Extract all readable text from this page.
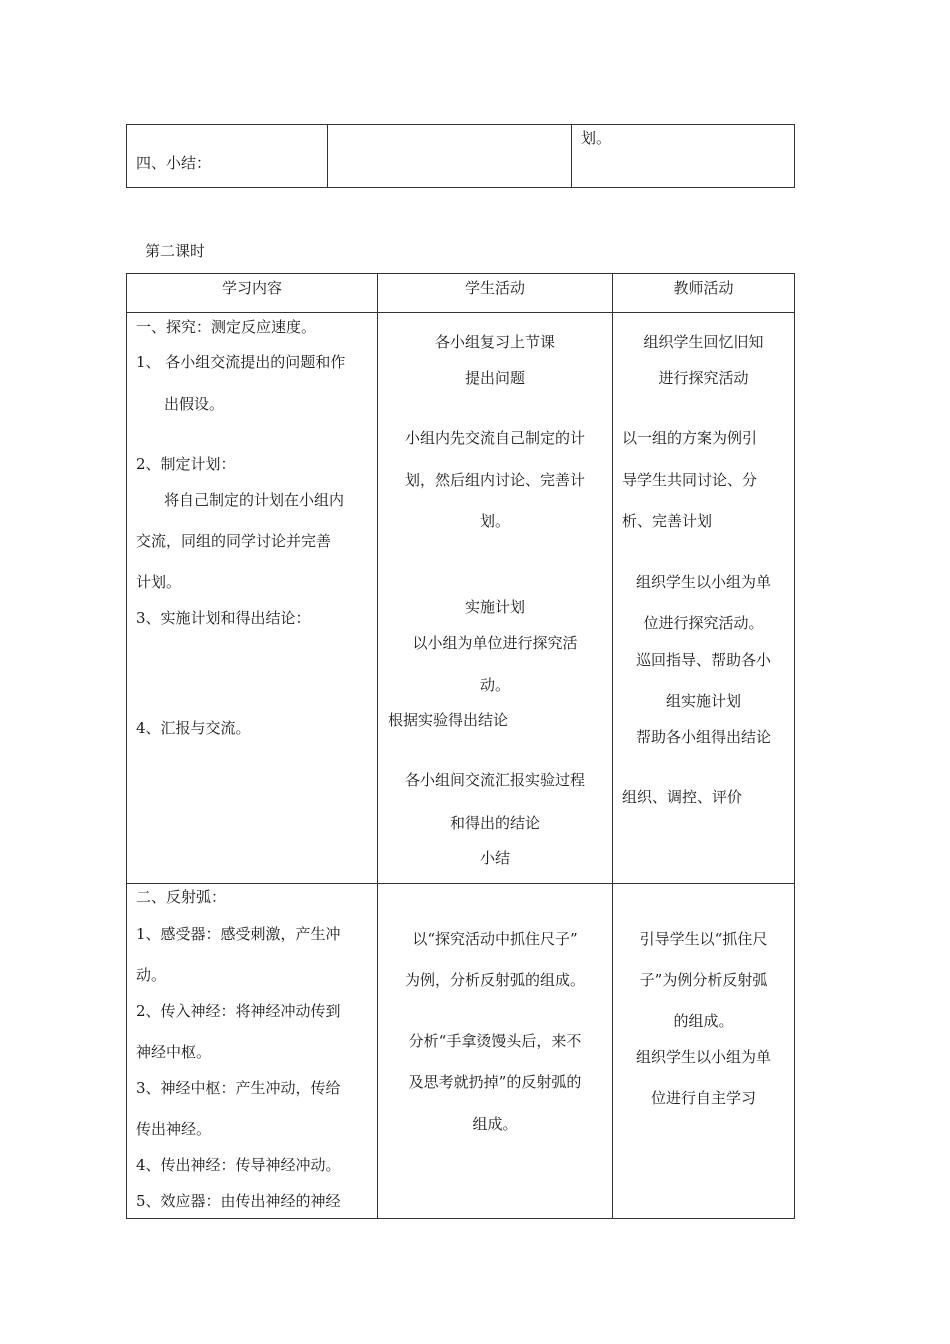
四、小结：
划。
第二课时
学习内容	学生活动	教师活动
一、探究：测定反应速度。
1、 各小组交流提出的问题和作
出假设。
2、制定计划：
将自己制定的计划在小组内
交流，同组的同学讨论并完善
计划。
3、实施计划和得出结论：
4、汇报与交流。
各小组复习上节课
提出问题
小组内先交流自己制定的计
划，然后组内讨论、完善计
划。
实施计划
以小组为单位进行探究活
动。
根据实验得出结论
各小组间交流汇报实验过程
和得出的结论
小结
组织学生回忆旧知
进行探究活动
以一组的方案为例引
导学生共同讨论、分
析、完善计划
组织学生以小组为单
位进行探究活动。
巡回指导、帮助各小
组实施计划
帮助各小组得出结论
组织、调控、评价
二、反射弧：
1、感受器：感受刺激，产生冲
动。
2、传入神经：将神经冲动传到
神经中枢。
3、神经中枢：产生冲动，传给
传出神经。
4、传出神经：传导神经冲动。
5、效应器：由传出神经的神经
以“探究活动中抓住尺子”
为例，分析反射弧的组成。
分析“手拿烫馒头后，来不
及思考就扔掉”的反射弧的
组成。
引导学生以“抓住尺
子”为例分析反射弧
的组成。
组织学生以小组为单
位进行自主学习
